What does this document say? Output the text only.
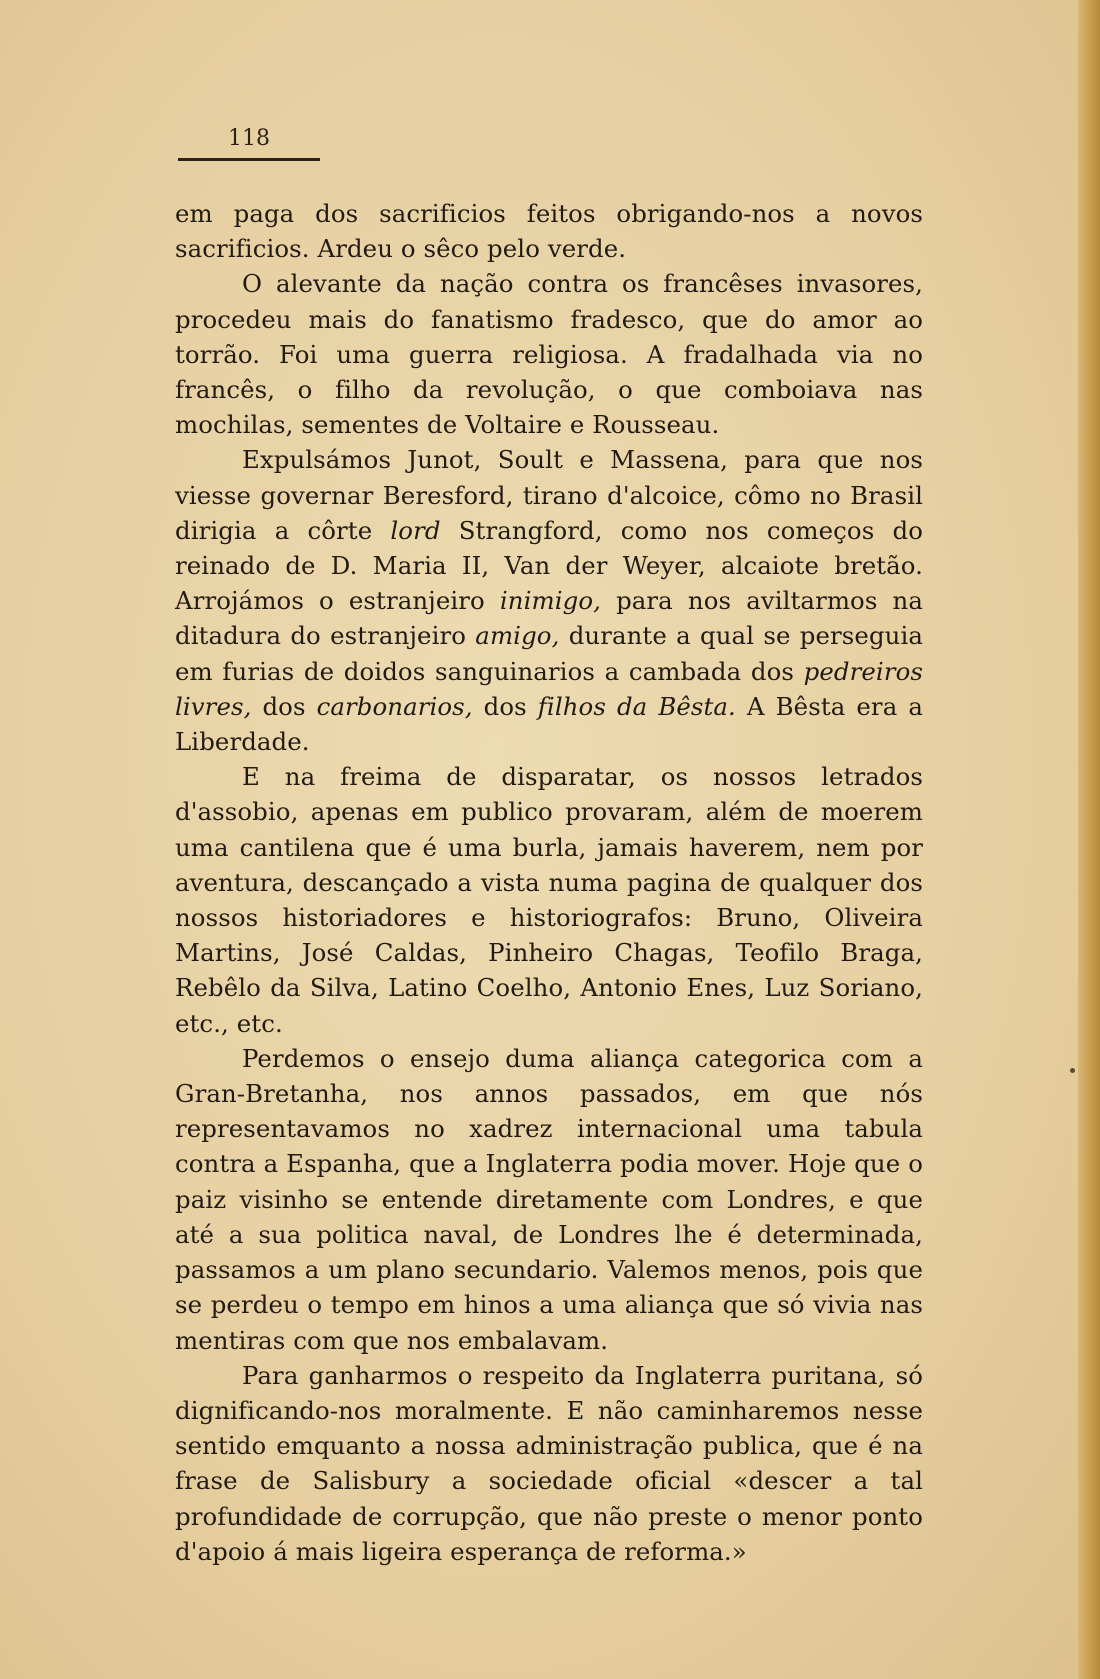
118

em paga dos sacrificios feitos obrigando-nos a novos sacrificios. Ardeu o sêco pelo verde.

O alevante da nação contra os francêses invasores, procedeu mais do fanatismo fradesco, que do amor ao torrão. Foi uma guerra religiosa. A fradalhada via no francês, o filho da revolução, o que comboiava nas mochilas, sementes de Voltaire e Rousseau.

Expulsámos Junot, Soult e Massena, para que nos viesse governar Beresford, tirano d'alcoice, cômo no Brasil dirigia a côrte lord Strangford, como nos começos do reinado de D. Maria II, Van der Weyer, alcaiote bretão. Arrojámos o estranjeiro inimigo, para nos aviltarmos na ditadura do estranjeiro amigo, durante a qual se perseguia em furias de doidos sanguinarios a cambada dos pedreiros livres, dos carbonarios, dos filhos da Bêsta. A Bêsta era a Liberdade.

E na freima de disparatar, os nossos letrados d'assobio, apenas em publico provaram, além de moerem uma cantilena que é uma burla, jamais haverem, nem por aventura, descançado a vista numa pagina de qualquer dos nossos historiadores e historiografos: Bruno, Oliveira Martins, José Caldas, Pinheiro Chagas, Teofilo Braga, Rebêlo da Silva, Latino Coelho, Antonio Enes, Luz Soriano, etc., etc.

Perdemos o ensejo duma aliança categorica com a Gran-Bretanha, nos annos passados, em que nós representavamos no xadrez internacional uma tabula contra a Espanha, que a Inglaterra podia mover. Hoje que o paiz visinho se entende diretamente com Londres, e que até a sua politica naval, de Londres lhe é determinada, passamos a um plano secundario. Valemos menos, pois que se perdeu o tempo em hinos a uma aliança que só vivia nas mentiras com que nos embalavam.

Para ganharmos o respeito da Inglaterra puritana, só dignificando-nos moralmente. E não caminharemos nesse sentido emquanto a nossa administração publica, que é na frase de Salisbury a sociedade oficial «descer a tal profundidade de corrupção, que não preste o menor ponto d'apoio á mais ligeira esperança de reforma.»
